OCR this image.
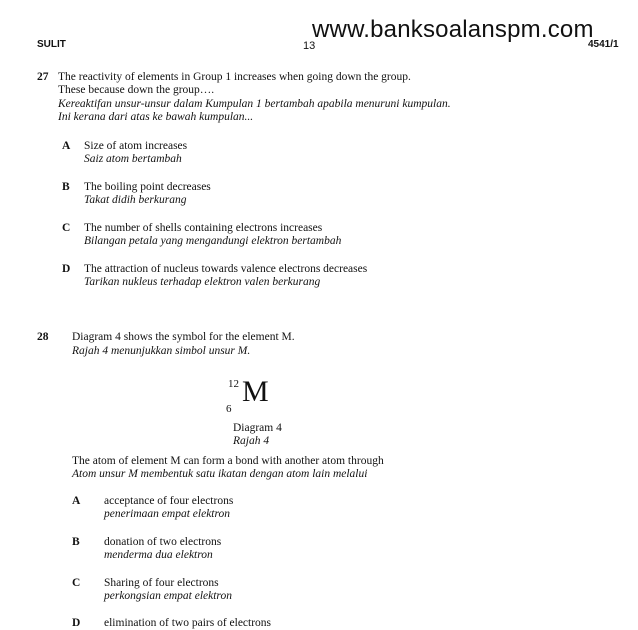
www.banksoalanspm.com
SULIT	13	4541/1
27 The reactivity of elements in Group 1 increases when going down the group.
These because down the group….
Kereaktifan unsur-unsur dalam Kumpulan 1 bertambah apabila menuruni kumpulan.
Ini kerana dari atas ke bawah kumpulan...
A Size of atom increases
Saiz atom bertambah
B The boiling point decreases
Takat didih berkurang
C The number of shells containing electrons increases
Bilangan petala yang mengandungi elektron bertambah
D The attraction of nucleus towards valence electrons decreases
Tarikan nukleus terhadap elektron valen berkurang
28 Diagram 4 shows the symbol for the element M.
Rajah 4 menunjukkan simbol unsur M.
12
6
M
Diagram 4
Rajah 4
The atom of element M can form a bond with another atom through
Atom unsur M membentuk satu ikatan dengan atom lain melalui
A acceptance of four electrons
penerimaan empat elektron
B donation of two electrons
menderma dua elektron
C Sharing of four electrons
perkongsian empat elektron
D elimination of two pairs of electrons
